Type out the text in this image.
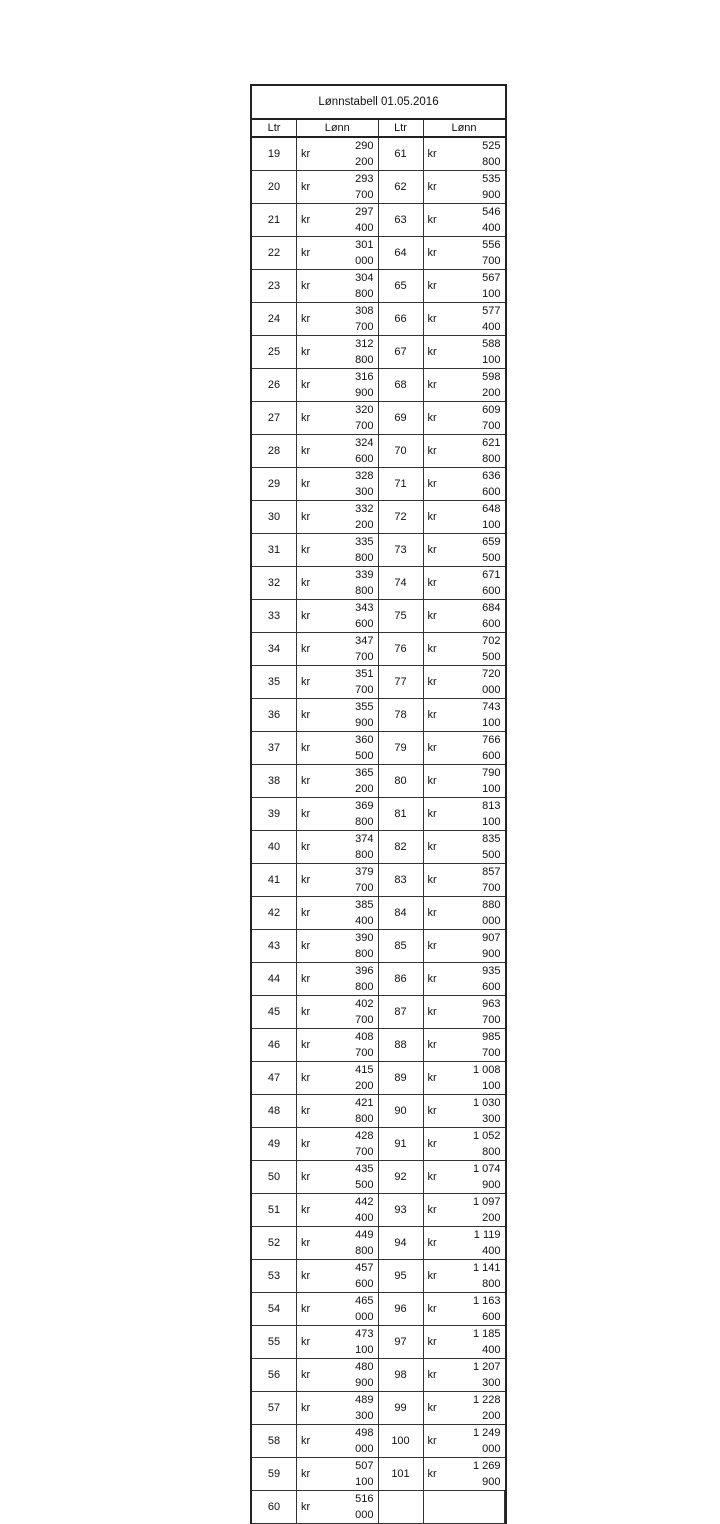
Lønnstabell 01.05.2016
Ltr	Lønn		Ltr	Lønn	
19	kr	290 200	61	kr	525 800
20	kr	293 700	62	kr	535 900
21	kr	297 400	63	kr	546 400
22	kr	301 000	64	kr	556 700
23	kr	304 800	65	kr	567 100
24	kr	308 700	66	kr	577 400
25	kr	312 800	67	kr	588 100
26	kr	316 900	68	kr	598 200
27	kr	320 700	69	kr	609 700
28	kr	324 600	70	kr	621 800
29	kr	328 300	71	kr	636 600
30	kr	332 200	72	kr	648 100
31	kr	335 800	73	kr	659 500
32	kr	339 800	74	kr	671 600
33	kr	343 600	75	kr	684 600
34	kr	347 700	76	kr	702 500
35	kr	351 700	77	kr	720 000
36	kr	355 900	78	kr	743 100
37	kr	360 500	79	kr	766 600
38	kr	365 200	80	kr	790 100
39	kr	369 800	81	kr	813 100
40	kr	374 800	82	kr	835 500
41	kr	379 700	83	kr	857 700
42	kr	385 400	84	kr	880 000
43	kr	390 800	85	kr	907 900
44	kr	396 800	86	kr	935 600
45	kr	402 700	87	kr	963 700
46	kr	408 700	88	kr	985 700
47	kr	415 200	89	kr	1 008 100
48	kr	421 800	90	kr	1 030 300
49	kr	428 700	91	kr	1 052 800
50	kr	435 500	92	kr	1 074 900
51	kr	442 400	93	kr	1 097 200
52	kr	449 800	94	kr	1 119 400
53	kr	457 600	95	kr	1 141 800
54	kr	465 000	96	kr	1 163 600
55	kr	473 100	97	kr	1 185 400
56	kr	480 900	98	kr	1 207 300
57	kr	489 300	99	kr	1 228 200
58	kr	498 000	100	kr	1 249 000
59	kr	507 100	101	kr	1 269 900
60	kr	516 000			
